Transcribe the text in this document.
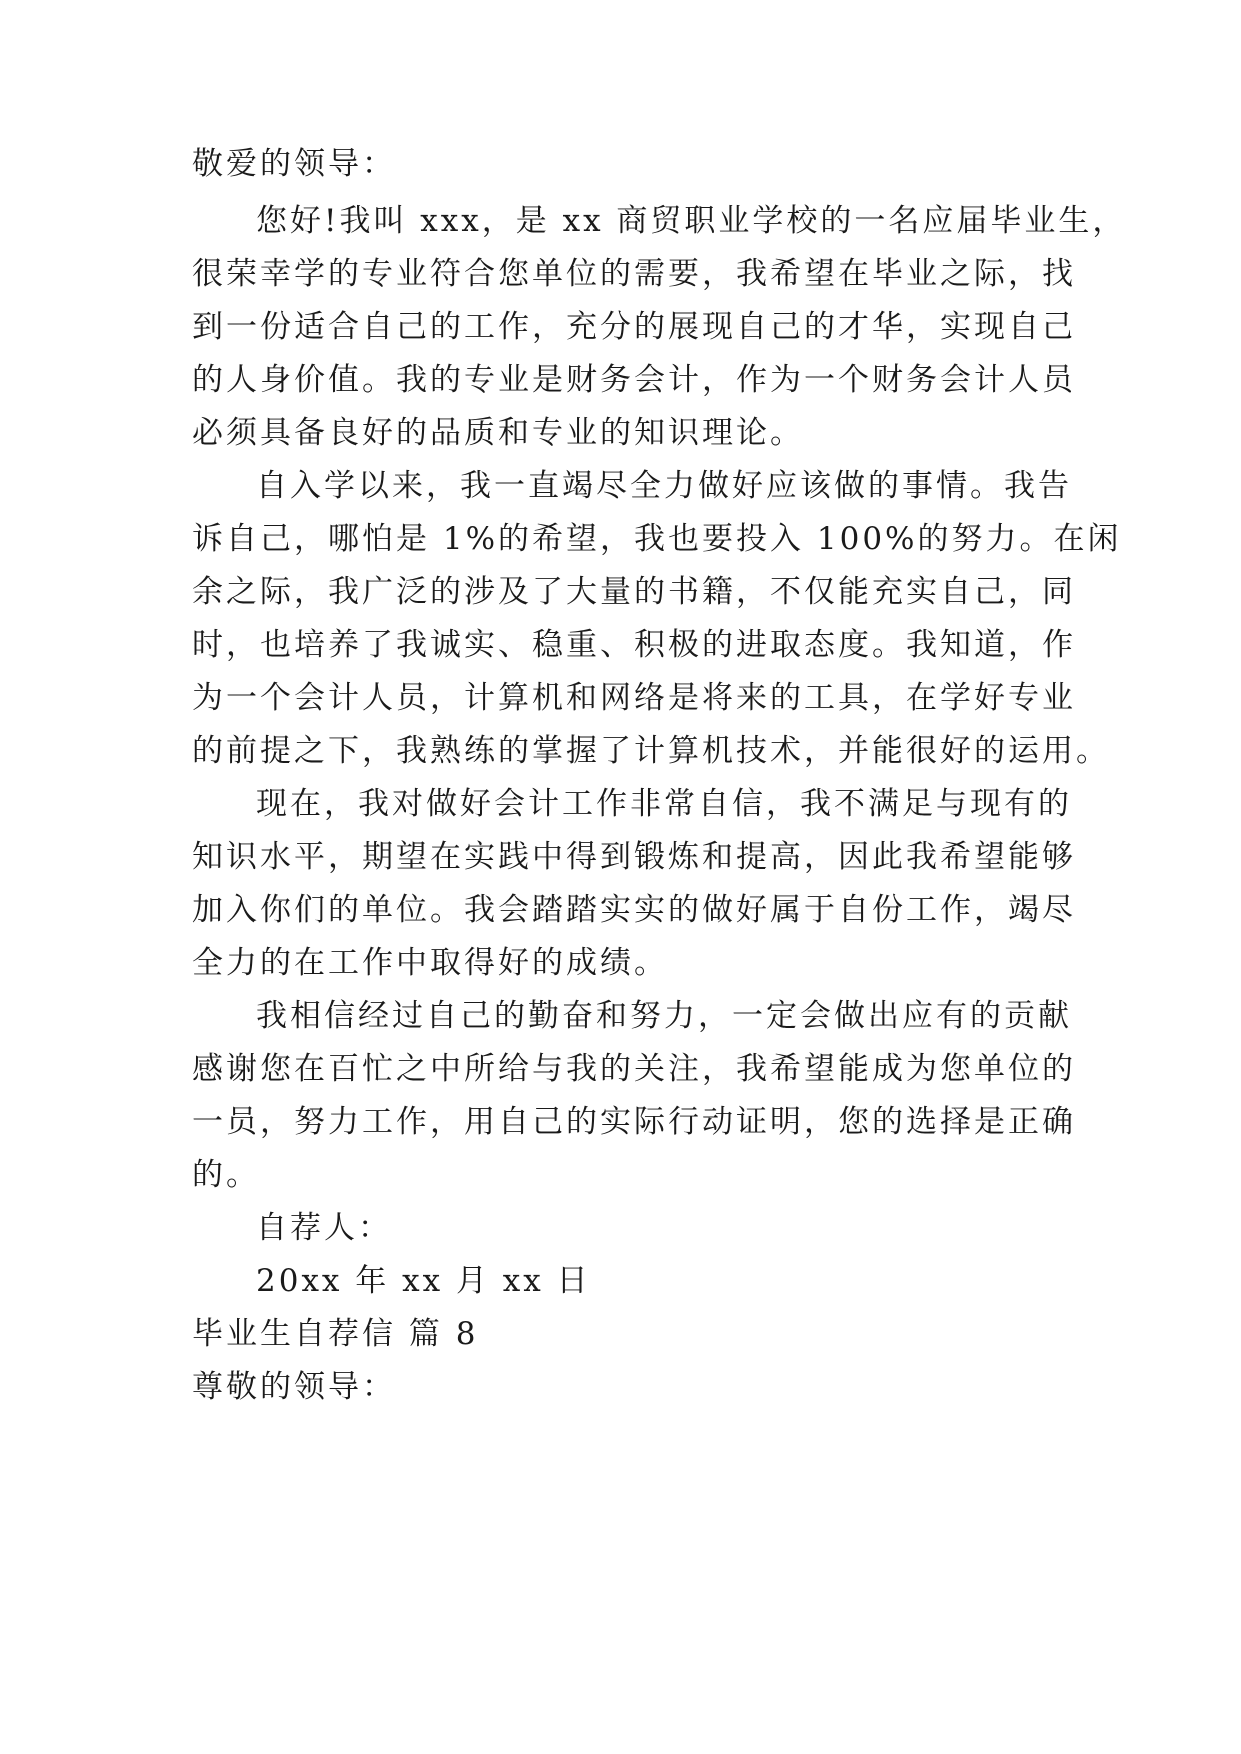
敬爱的领导：
您好!我叫 xxx，是 xx 商贸职业学校的一名应届毕业生，
很荣幸学的专业符合您单位的需要，我希望在毕业之际，找
到一份适合自己的工作，充分的展现自己的才华，实现自己
的人身价值。我的专业是财务会计，作为一个财务会计人员
必须具备良好的品质和专业的知识理论。
自入学以来，我一直竭尽全力做好应该做的事情。我告
诉自己，哪怕是 1%的希望，我也要投入 100%的努力。在闲
余之际，我广泛的涉及了大量的书籍，不仅能充实自己，同
时，也培养了我诚实、稳重、积极的进取态度。我知道，作
为一个会计人员，计算机和网络是将来的工具，在学好专业
的前提之下，我熟练的掌握了计算机技术，并能很好的运用。
现在，我对做好会计工作非常自信，我不满足与现有的
知识水平，期望在实践中得到锻炼和提高，因此我希望能够
加入你们的单位。我会踏踏实实的做好属于自份工作，竭尽
全力的在工作中取得好的成绩。
我相信经过自己的勤奋和努力，一定会做出应有的贡献
感谢您在百忙之中所给与我的关注，我希望能成为您单位的
一员，努力工作，用自己的实际行动证明，您的选择是正确
的。
自荐人：
20xx 年 xx 月 xx 日
毕业生自荐信 篇 8
尊敬的领导：
